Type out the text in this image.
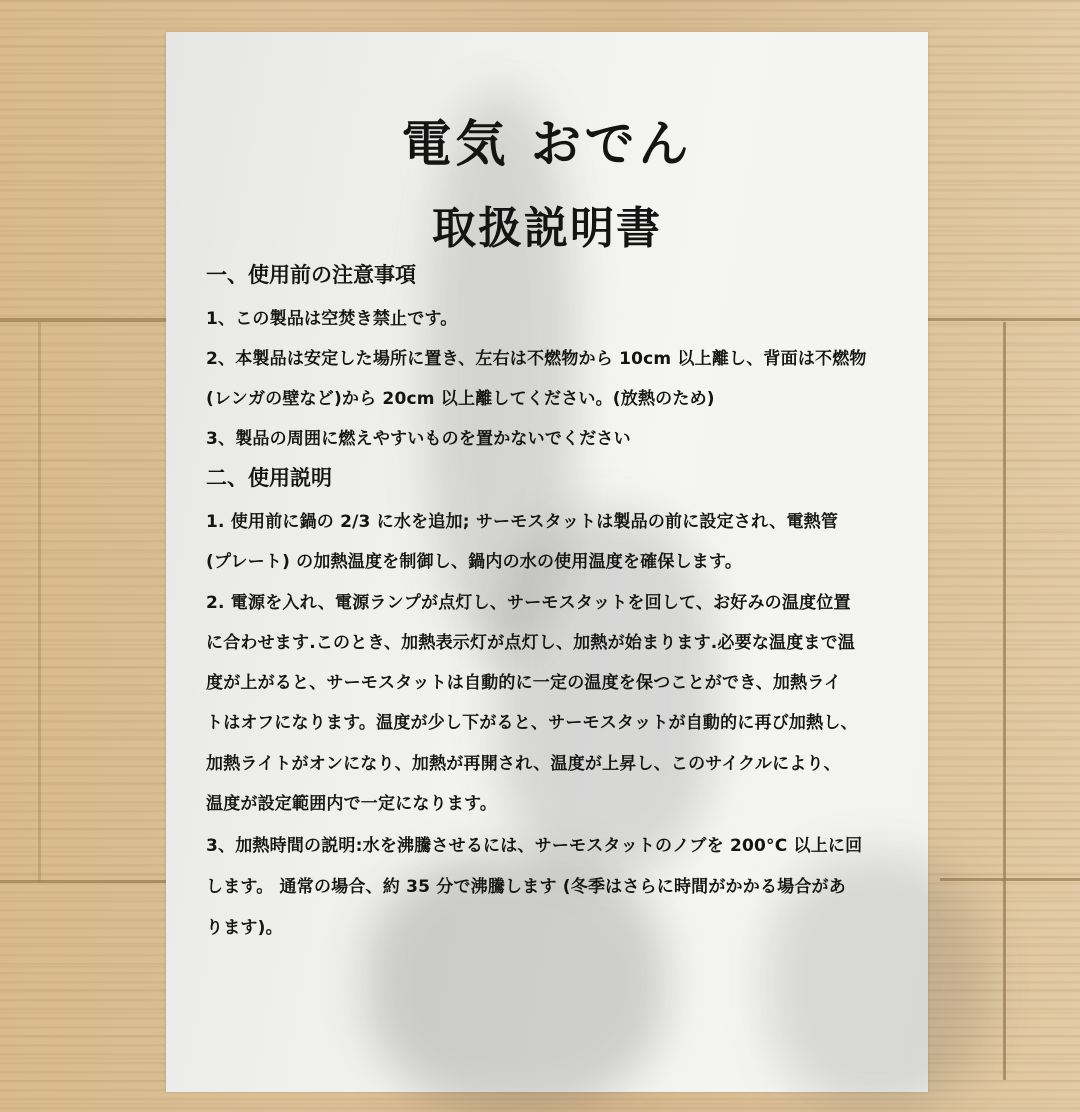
電気 おでん
取扱説明書
一、使用前の注意事項
1、この製品は空焚き禁止です。
2、本製品は安定した場所に置き、左右は不燃物から 10cm 以上離し、背面は不燃物
(レンガの壁など)から 20cm 以上離してください。(放熱のため)
3、製品の周囲に燃えやすいものを置かないでください
二、使用説明
1. 使用前に鍋の 2/3 に水を追加; サーモスタットは製品の前に設定され、電熱管
(プレート) の加熱温度を制御し、鍋内の水の使用温度を確保します。
2. 電源を入れ、電源ランプが点灯し、サーモスタットを回して、お好みの温度位置
に合わせます.このとき、加熱表示灯が点灯し、加熱が始まります.必要な温度まで温
度が上がると、サーモスタットは自動的に一定の温度を保つことができ、加熱ライ
トはオフになります。温度が少し下がると、サーモスタットが自動的に再び加熱し、
加熱ライトがオンになり、加熱が再開され、温度が上昇し、このサイクルにより、
温度が設定範囲内で一定になります。
3、加熱時間の説明:水を沸騰させるには、サーモスタットのノブを 200°C 以上に回
します。 通常の場合、約 35 分で沸騰します (冬季はさらに時間がかかる場合があ
ります)。
